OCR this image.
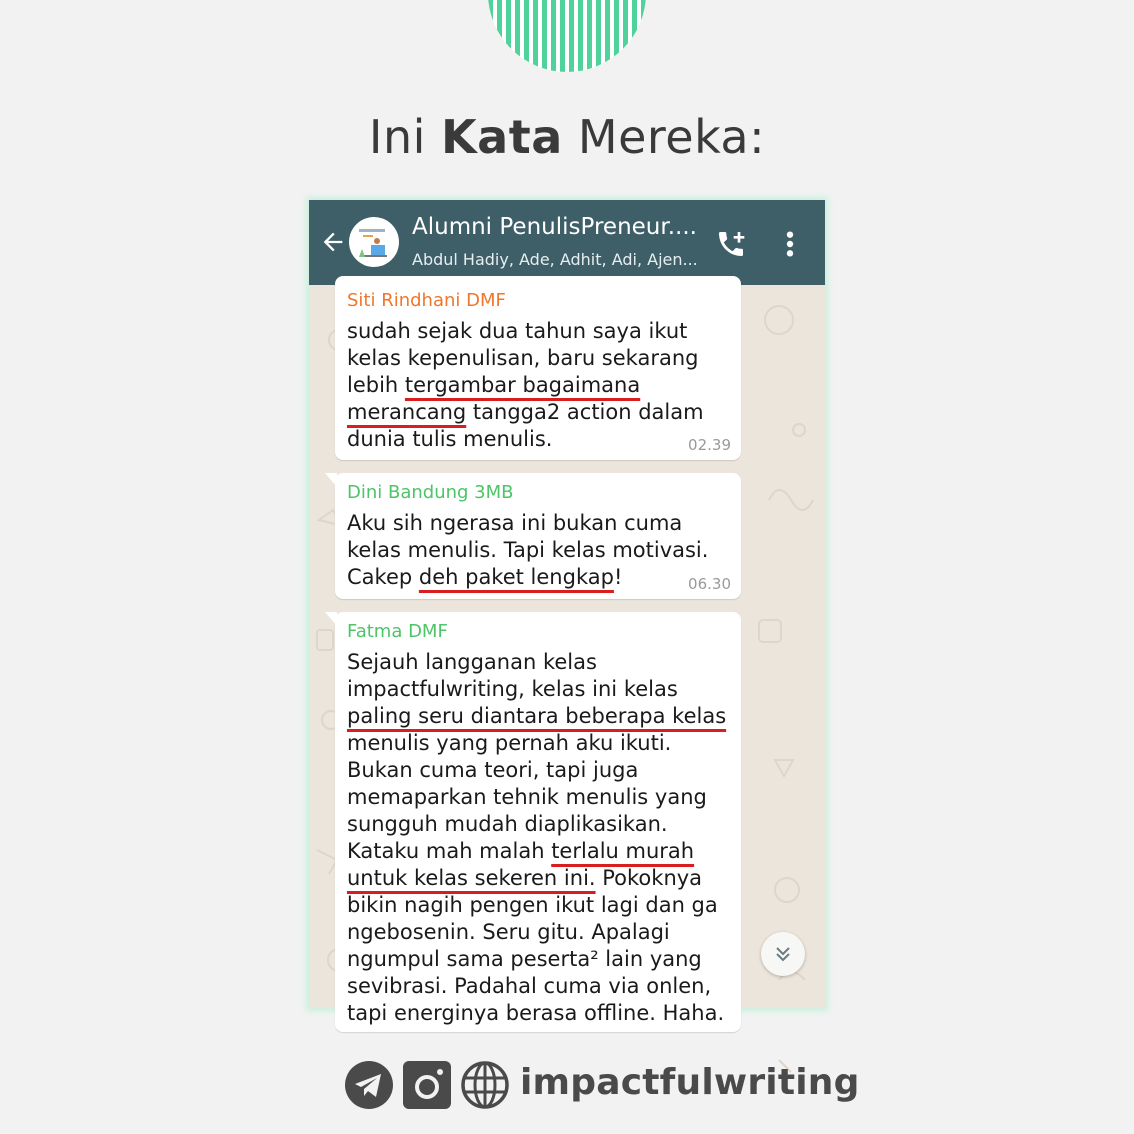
Ini Kata Mereka:
Alumni PenulisPreneur....
Abdul Hadiy, Ade, Adhit, Adi, Ajen...
Siti Rindhani DMF
sudah sejak dua tahun saya ikut kelas kepenulisan, baru sekarang lebih tergambar bagaimana merancang tangga2 action dalam dunia tulis menulis.	02.39
Dini Bandung 3MB
Aku sih ngerasa ini bukan cuma kelas menulis. Tapi kelas motivasi. Cakep deh paket lengkap!	06.30
Fatma DMF
Sejauh langganan kelas impactfulwriting, kelas ini kelas paling seru diantara beberapa kelas menulis yang pernah aku ikuti. Bukan cuma teori, tapi juga memaparkan tehnik menulis yang sungguh mudah diaplikasikan. Kataku mah malah terlalu murah untuk kelas sekeren ini. Pokoknya bikin nagih pengen ikut lagi dan ga ngebosenin. Seru gitu. Apalagi ngumpul sama peserta² lain yang sevibrasi. Padahal cuma via onlen, tapi energinya berasa offline. Haha.
impactfulwriting
